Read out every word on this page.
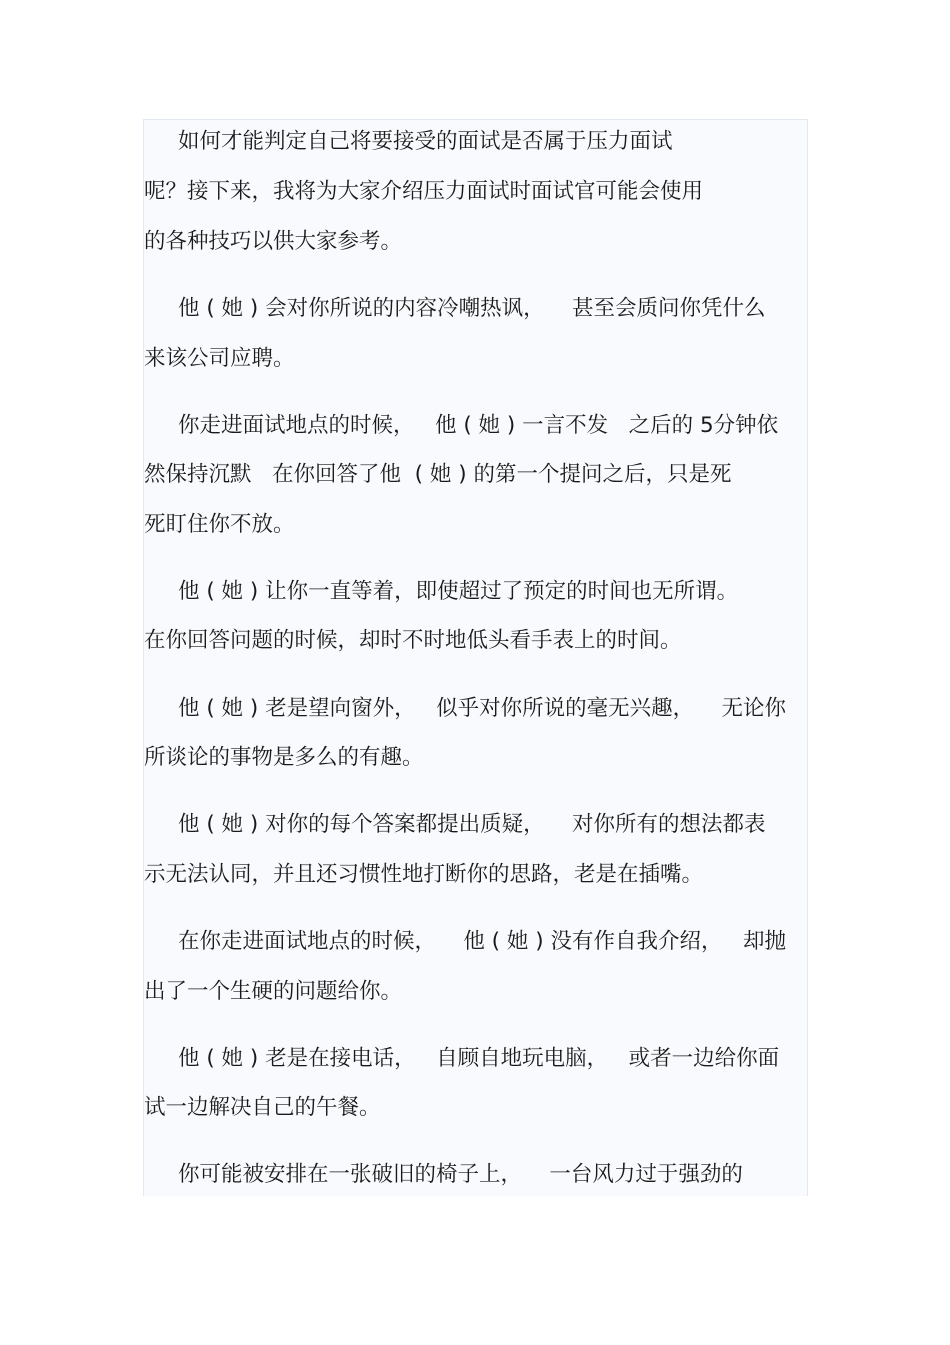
如何才能判定自己将要接受的面试是否属于压力面试
呢？接下来，我将为大家介绍压力面试时面试官可能会使用
的各种技巧以供大家参考。
他 ( 她 ) 会对你所说的内容冷嘲热讽，    甚至会质问你凭什么
来该公司应聘。
你走进面试地点的时候，   他 ( 她 ) 一言不发   之后的 5分钟依
然保持沉默   在你回答了他  ( 她 ) 的第一个提问之后，只是死
死盯住你不放。
他 ( 她 ) 让你一直等着，即使超过了预定的时间也无所谓。
在你回答问题的时候，却时不时地低头看手表上的时间。
他 ( 她 ) 老是望向窗外，   似乎对你所说的毫无兴趣，    无论你
所谈论的事物是多么的有趣。
他 ( 她 ) 对你的每个答案都提出质疑，    对你所有的想法都表
示无法认同，并且还习惯性地打断你的思路，老是在插嘴。
在你走进面试地点的时候，    他 ( 她 ) 没有作自我介绍，   却抛
出了一个生硬的问题给你。
他 ( 她 ) 老是在接电话，   自顾自地玩电脑，   或者一边给你面
试一边解决自己的午餐。
你可能被安排在一张破旧的椅子上，    一台风力过于强劲的
